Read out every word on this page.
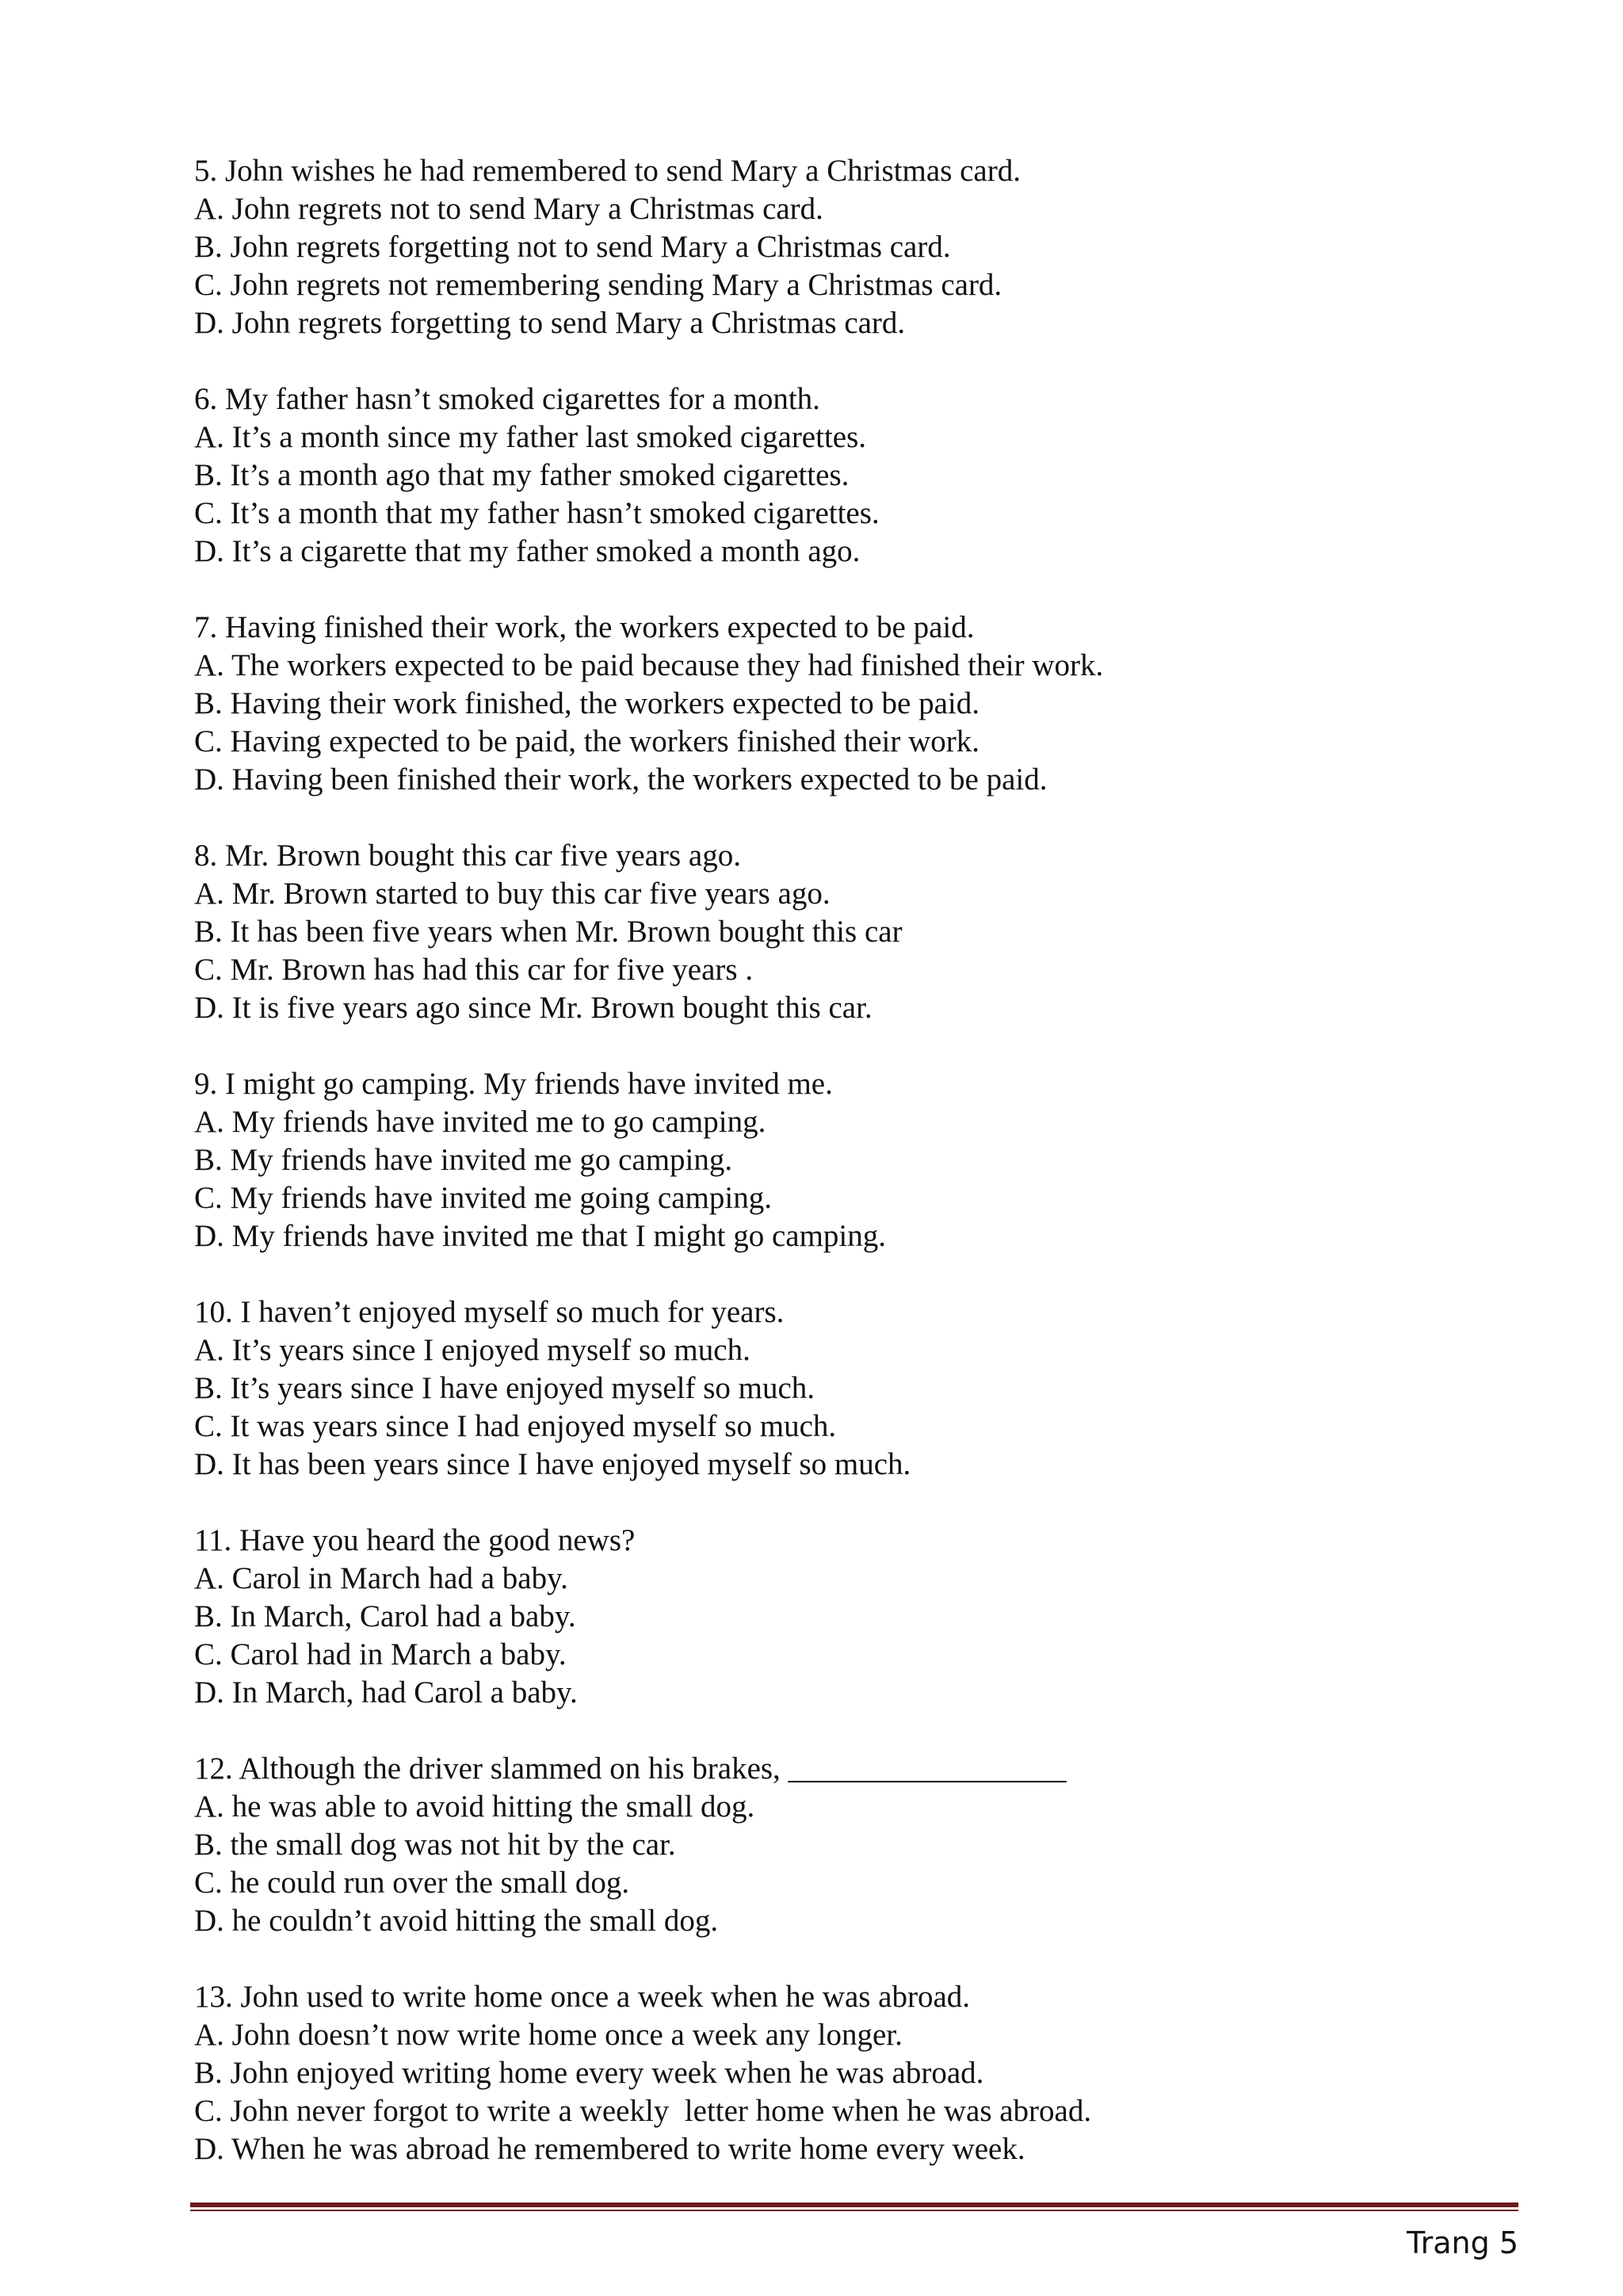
5. John wishes he had remembered to send Mary a Christmas card.

A. John regrets not to send Mary a Christmas card.

B. John regrets forgetting not to send Mary a Christmas card.

C. John regrets not remembering sending Mary a Christmas card.

D. John regrets forgetting to send Mary a Christmas card.

6. My father hasn’t smoked cigarettes for a month.

A. It’s a month since my father last smoked cigarettes.

B. It’s a month ago that my father smoked cigarettes.

C. It’s a month that my father hasn’t smoked cigarettes.

D. It’s a cigarette that my father smoked a month ago.

7. Having finished their work, the workers expected to be paid.

A. The workers expected to be paid because they had finished their work.

B. Having their work finished, the workers expected to be paid.

C. Having expected to be paid, the workers finished their work.

D. Having been finished their work, the workers expected to be paid.

8. Mr. Brown bought this car five years ago.

A. Mr. Brown started to buy this car five years ago.

B. It has been five years when Mr. Brown bought this car

C. Mr. Brown has had this car for five years .

D. It is five years ago since Mr. Brown bought this car.

9. I might go camping. My friends have invited me.

A. My friends have invited me to go camping.

B. My friends have invited me go camping.

C. My friends have invited me going camping.

D. My friends have invited me that I might go camping.

10. I haven’t enjoyed myself so much for years.

A. It’s years since I enjoyed myself so much.

B. It’s years since I have enjoyed myself so much.

C. It was years since I had enjoyed myself so much.

D. It has been years since I have enjoyed myself so much.

11. Have you heard the good news?

A. Carol in March had a baby.

B. In March, Carol had a baby.

C. Carol had in March a baby.

D. In March, had Carol a baby.

12. Although the driver slammed on his brakes, __________________

A. he was able to avoid hitting the small dog.

B. the small dog was not hit by the car.

C. he could run over the small dog.

D. he couldn’t avoid hitting the small dog.

13. John used to write home once a week when he was abroad.

A. John doesn’t now write home once a week any longer.

B. John enjoyed writing home every week when he was abroad.

C. John never forgot to write a weekly  letter home when he was abroad.

D. When he was abroad he remembered to write home every week.

Trang 5
